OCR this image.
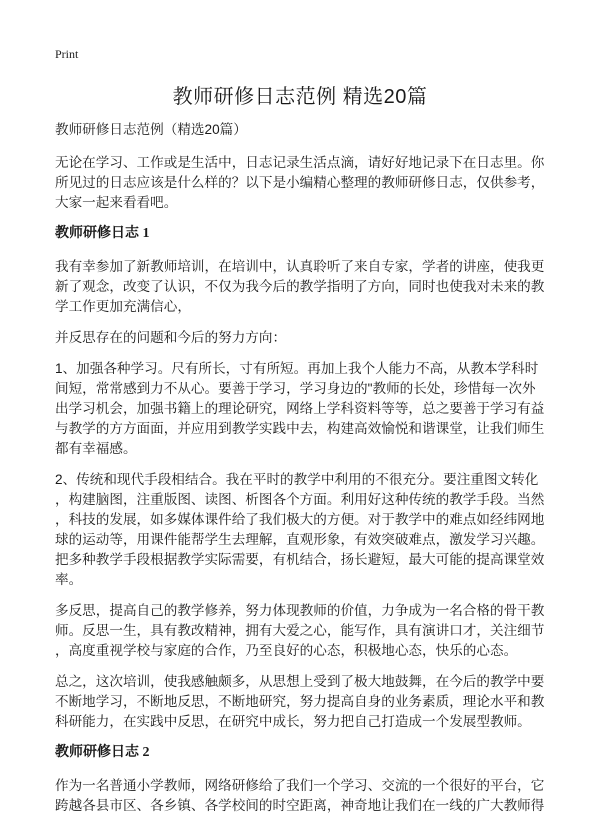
Print
教师研修日志范例 精选20篇

教师研修日志范例（精选20篇）

无论在学习、工作或是生活中，日志记录生活点滴，请好好地记录下在日志里。你
所见过的日志应该是什么样的？以下是小编精心整理的教师研修日志，仅供参考，
大家一起来看看吧。

教师研修日志 1

我有幸参加了新教师培训，在培训中，认真聆听了来自专家，学者的讲座，使我更
新了观念，改变了认识，不仅为我今后的教学指明了方向，同时也使我对未来的教
学工作更加充满信心，

并反思存在的问题和今后的努力方向：

1、加强各种学习。尺有所长，寸有所短。再加上我个人能力不高，从教本学科时
间短，常常感到力不从心。要善于学习，学习身边的"教师的长处，珍惜每一次外
出学习机会，加强书籍上的理论研究，网络上学科资料等等，总之要善于学习有益
与教学的方方面面，并应用到教学实践中去，构建高效愉悦和谐课堂，让我们师生
都有幸福感。

2、传统和现代手段相结合。我在平时的教学中利用的不很充分。要注重图文转化
，构建脑图，注重版图、读图、析图各个方面。利用好这种传统的教学手段。当然
，科技的发展，如多媒体课件给了我们极大的方便。对于教学中的难点如经纬网地
球的运动等，用课件能帮学生去理解，直观形象，有效突破难点，激发学习兴趣。
把多种教学手段根据教学实际需要，有机结合，扬长避短，最大可能的提高课堂效
率。

多反思，提高自己的教学修养，努力体现教师的价值，力争成为一名合格的骨干教
师。反思一生，具有教改精神，拥有大爱之心，能写作，具有演讲口才，关注细节
，高度重视学校与家庭的合作，乃至良好的心态，积极地心态，快乐的心态。

总之，这次培训，使我感触颇多，从思想上受到了极大地鼓舞，在今后的教学中要
不断地学习，不断地反思，不断地研究，努力提高自身的业务素质，理论水平和教
科研能力，在实践中反思，在研究中成长，努力把自己打造成一个发展型教师。

教师研修日志 2

作为一名普通小学教师，网络研修给了我们一个学习、交流的一个很好的平台，它
跨越各县市区、各乡镇、各学校间的时空距离，神奇地让我们在一线的广大教师得
